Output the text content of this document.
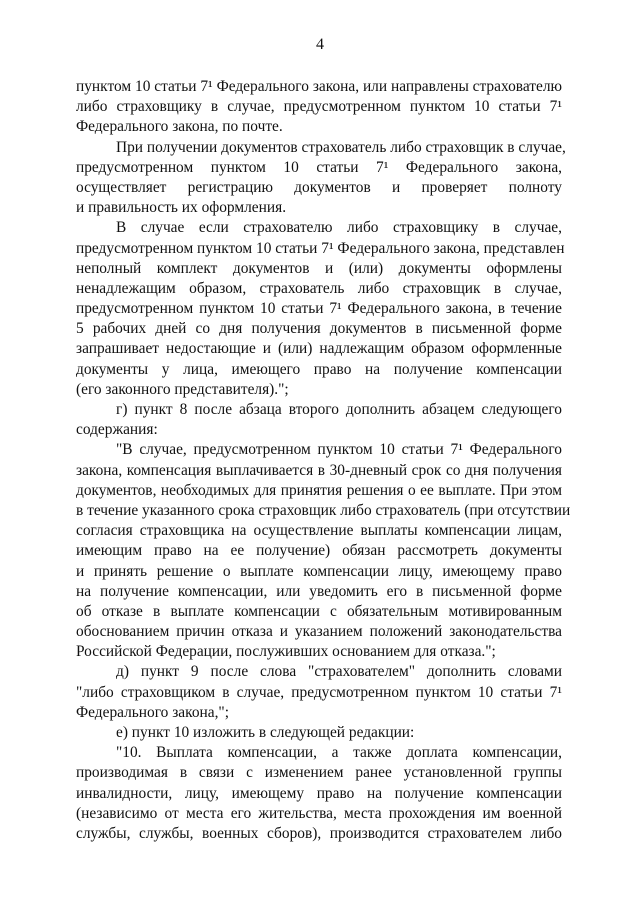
4
пунктом 10 статьи 7¹ Федерального закона, или направлены страхователю
либо страховщику в случае, предусмотренном пунктом 10 статьи 7¹
Федерального закона, по почте.
При получении документов страхователь либо страховщик в случае,
предусмотренном пунктом 10 статьи 7¹ Федерального закона,
осуществляет регистрацию документов и проверяет полноту
и правильность их оформления.
В случае если страхователю либо страховщику в случае,
предусмотренном пунктом 10 статьи 7¹ Федерального закона, представлен
неполный комплект документов и (или) документы оформлены
ненадлежащим образом, страхователь либо страховщик в случае,
предусмотренном пунктом 10 статьи 7¹ Федерального закона, в течение
5 рабочих дней со дня получения документов в письменной форме
запрашивает недостающие и (или) надлежащим образом оформленные
документы у лица, имеющего право на получение компенсации
(его законного представителя).";
г) пункт 8 после абзаца второго дополнить абзацем следующего
содержания:
"В случае, предусмотренном пунктом 10 статьи 7¹ Федерального
закона, компенсация выплачивается в 30-дневный срок со дня получения
документов, необходимых для принятия решения о ее выплате. При этом
в течение указанного срока страховщик либо страхователь (при отсутствии
согласия страховщика на осуществление выплаты компенсации лицам,
имеющим право на ее получение) обязан рассмотреть документы
и принять решение о выплате компенсации лицу, имеющему право
на получение компенсации, или уведомить его в письменной форме
об отказе в выплате компенсации с обязательным мотивированным
обоснованием причин отказа и указанием положений законодательства
Российской Федерации, послуживших основанием для отказа.";
д) пункт 9 после слова "страхователем" дополнить словами
"либо страховщиком в случае, предусмотренном пунктом 10 статьи 7¹
Федерального закона,";
е) пункт 10 изложить в следующей редакции:
"10. Выплата компенсации, а также доплата компенсации,
производимая в связи с изменением ранее установленной группы
инвалидности, лицу, имеющему право на получение компенсации
(независимо от места его жительства, места прохождения им военной
службы, службы, военных сборов), производится страхователем либо
